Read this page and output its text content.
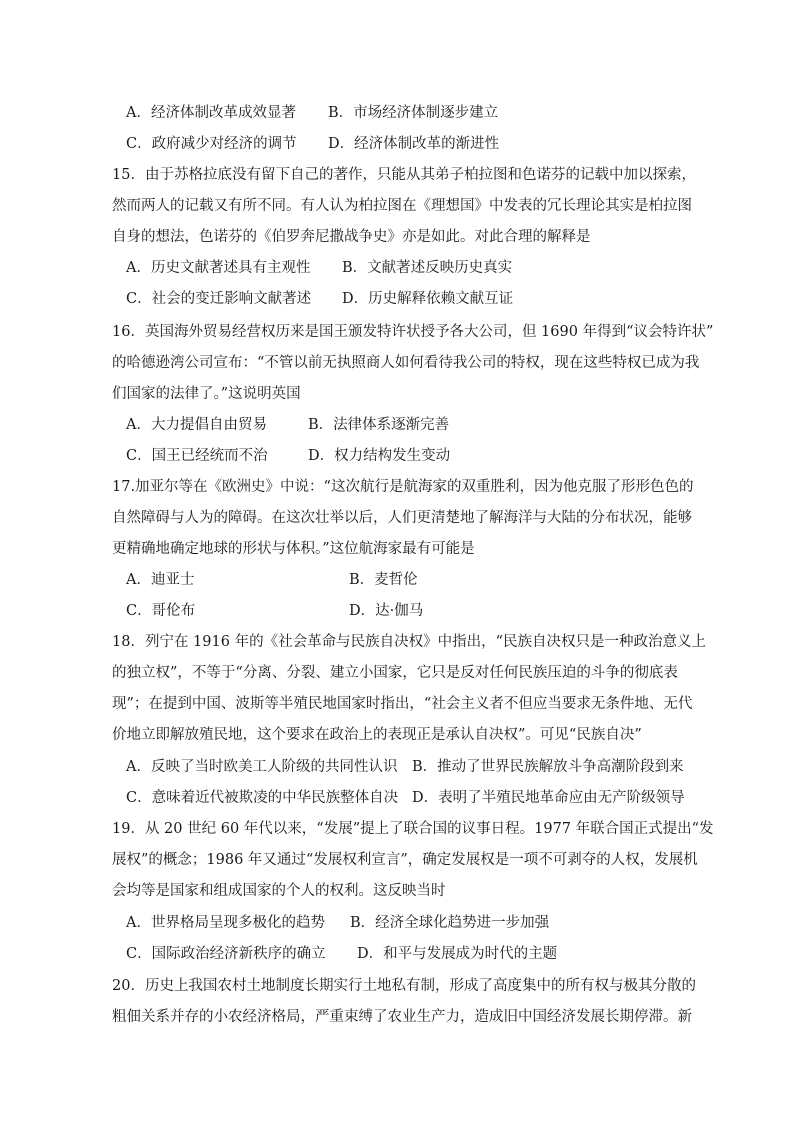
A．经济体制改革成效显著 B．市场经济体制逐步建立
C．政府减少对经济的调节 D．经济体制改革的渐进性
15．由于苏格拉底没有留下自己的著作，只能从其弟子柏拉图和色诺芬的记载中加以探索，
然而两人的记载又有所不同。有人认为柏拉图在《理想国》中发表的冗长理论其实是柏拉图
自身的想法，色诺芬的《伯罗奔尼撒战争史》亦是如此。对此合理的解释是
A．历史文献著述具有主观性 B．文献著述反映历史真实
C．社会的变迁影响文献著述 D．历史解释依赖文献互证
16．英国海外贸易经营权历来是国王颁发特许状授予各大公司，但 1690 年得到“议会特许状”
的哈德逊湾公司宣布：“不管以前无执照商人如何看待我公司的特权，现在这些特权已成为我
们国家的法律了。”这说明英国
A．大力提倡自由贸易	B．法律体系逐渐完善
C．国王已经统而不治	D．权力结构发生变动
17.加亚尔等在《欧洲史》中说：“这次航行是航海家的双重胜利，因为他克服了形形色色的
自然障碍与人为的障碍。在这次壮举以后，人们更清楚地了解海洋与大陆的分布状况，能够
更精确地确定地球的形状与体积。”这位航海家最有可能是
A．迪亚士	B．麦哲伦
C．哥伦布	D．达·伽马
18．列宁在 1916 年的《社会革命与民族自决权》中指出，“民族自决权只是一种政治意义上
的独立权”，不等于“分离、分裂、建立小国家，它只是反对任何民族压迫的斗争的彻底表
现”；在提到中国、波斯等半殖民地国家时指出，“社会主义者不但应当要求无条件地、无代
价地立即解放殖民地，这个要求在政治上的表现正是承认自决权”。可见“民族自决”
A．反映了当时欧美工人阶级的共同性认识 B．推动了世界民族解放斗争高潮阶段到来
C．意味着近代被欺凌的中华民族整体自决 D．表明了半殖民地革命应由无产阶级领导
19．从 20 世纪 60 年代以来，“发展”提上了联合国的议事日程。1977 年联合国正式提出“发
展权”的概念；1986 年又通过“发展权利宣言”，确定发展权是一项不可剥夺的人权，发展机
会均等是国家和组成国家的个人的权利。这反映当时
A．世界格局呈现多极化的趋势 B．经济全球化趋势进一步加强
C．国际政治经济新秩序的确立 D．和平与发展成为时代的主题
20．历史上我国农村土地制度长期实行土地私有制，形成了高度集中的所有权与极其分散的
粗佃关系并存的小农经济格局，严重束缚了农业生产力，造成旧中国经济发展长期停滞。新
